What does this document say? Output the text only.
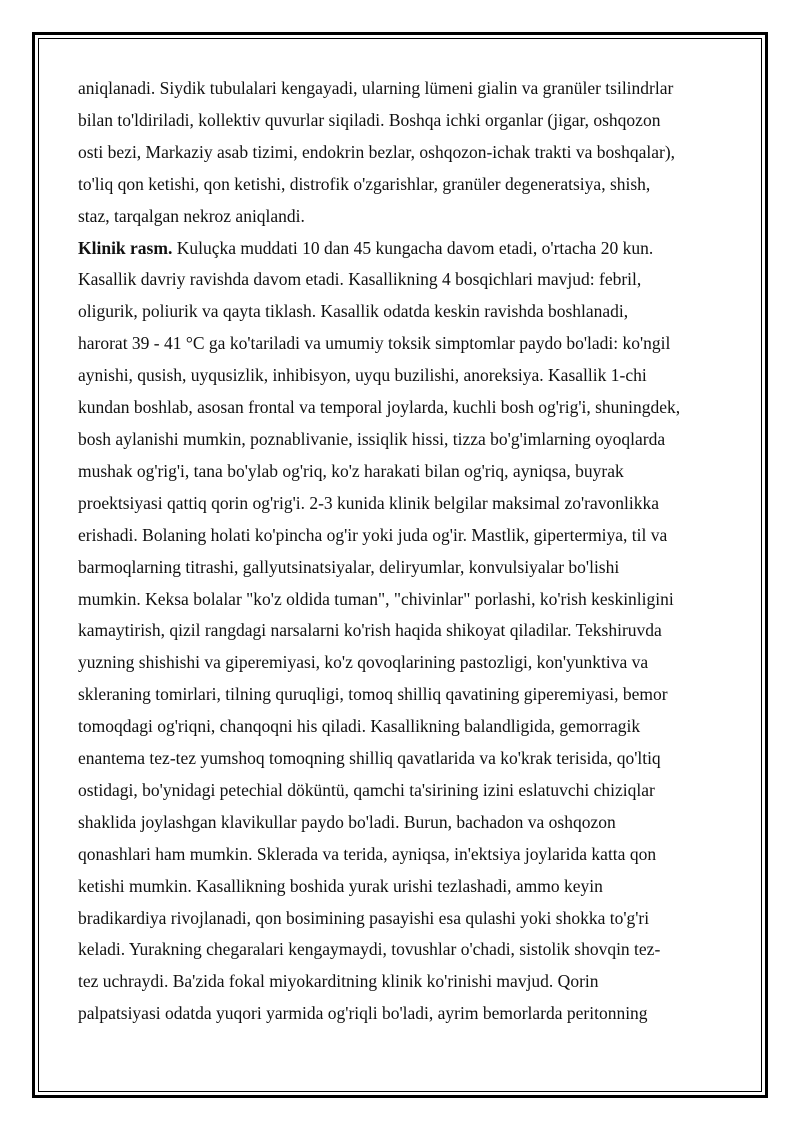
aniqlanadi. Siydik tubulalari kengayadi, ularning lümeni gialin va granüler tsilindrlar
bilan to'ldiriladi, kollektiv quvurlar siqiladi. Boshqa ichki organlar (jigar, oshqozon
osti bezi, Markaziy asab tizimi, endokrin bezlar, oshqozon-ichak trakti va boshqalar),
to'liq qon ketishi, qon ketishi, distrofik o'zgarishlar, granüler degeneratsiya, shish,
staz, tarqalgan nekroz aniqlandi.
Klinik rasm. Kuluçka muddati 10 dan 45 kungacha davom etadi, o'rtacha 20 kun.
Kasallik davriy ravishda davom etadi. Kasallikning 4 bosqichlari mavjud: febril,
oligurik, poliurik va qayta tiklash. Kasallik odatda keskin ravishda boshlanadi,
harorat 39 - 41 °C ga ko'tariladi va umumiy toksik simptomlar paydo bo'ladi: ko'ngil
aynishi, qusish, uyqusizlik, inhibisyon, uyqu buzilishi, anoreksiya. Kasallik 1-chi
kundan boshlab, asosan frontal va temporal joylarda, kuchli bosh og'rig'i, shuningdek,
bosh aylanishi mumkin, poznablivanie, issiqlik hissi, tizza bo'g'imlarning oyoqlarda
mushak og'rig'i, tana bo'ylab og'riq, ko'z harakati bilan og'riq, ayniqsa, buyrak
proektsiyasi qattiq qorin og'rig'i. 2-3 kunida klinik belgilar maksimal zo'ravonlikka
erishadi. Bolaning holati ko'pincha og'ir yoki juda og'ir. Mastlik, gipertermiya, til va
barmoqlarning titrashi, gallyutsinatsiyalar, deliryumlar, konvulsiyalar bo'lishi
mumkin. Keksa bolalar "ko'z oldida tuman", "chivinlar" porlashi, ko'rish keskinligini
kamaytirish, qizil rangdagi narsalarni ko'rish haqida shikoyat qiladilar. Tekshiruvda
yuzning shishishi va giperemiyasi, ko'z qovoqlarining pastozligi, kon'yunktiva va
skleraning tomirlari, tilning quruqligi, tomoq shilliq qavatining giperemiyasi, bemor
tomoqdagi og'riqni, chanqoqni his qiladi. Kasallikning balandligida, gemorragik
enantema tez-tez yumshoq tomoqning shilliq qavatlarida va ko'krak terisida, qo'ltiq
ostidagi, bo'ynidagi petechial döküntü, qamchi ta'sirining izini eslatuvchi chiziqlar
shaklida joylashgan klavikullar paydo bo'ladi. Burun, bachadon va oshqozon
qonashlari ham mumkin. Sklerada va terida, ayniqsa, in'ektsiya joylarida katta qon
ketishi mumkin. Kasallikning boshida yurak urishi tezlashadi, ammo keyin
bradikardiya rivojlanadi, qon bosimining pasayishi esa qulashi yoki shokka to'g'ri
keladi. Yurakning chegaralari kengaymaydi, tovushlar o'chadi, sistolik shovqin tez-
tez uchraydi. Ba'zida fokal miyokarditning klinik ko'rinishi mavjud. Qorin
palpatsiyasi odatda yuqori yarmida og'riqli bo'ladi, ayrim bemorlarda peritonning
